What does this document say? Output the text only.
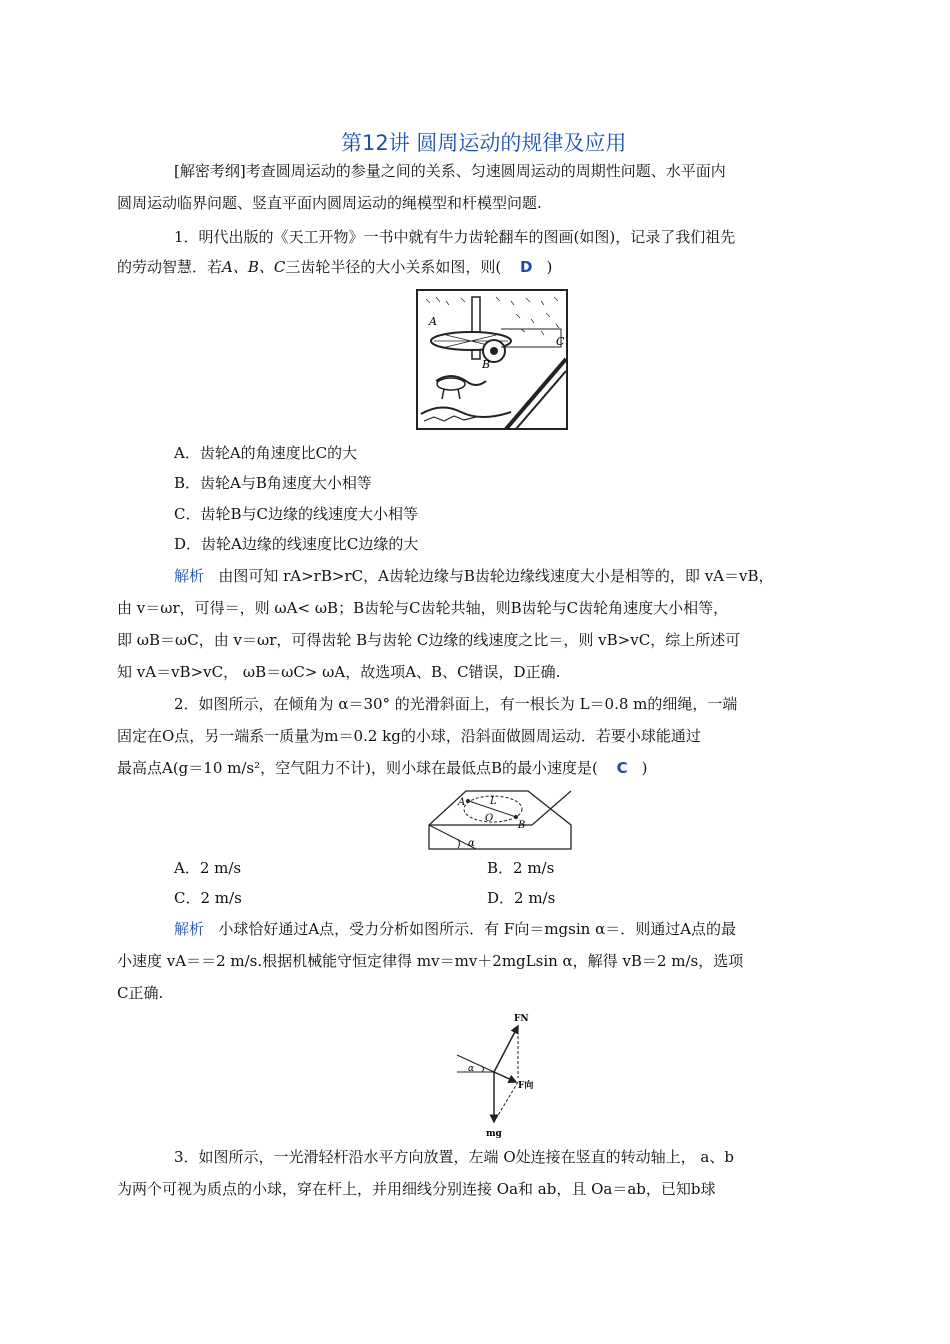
第12讲 圆周运动的规律及应用
[解密考纲]考查圆周运动的参量之间的关系、匀速圆周运动的周期性问题、水平面内
圆周运动临界问题、竖直平面内圆周运动的绳模型和杆模型问题.
1．明代出版的《天工开物》一书中就有牛力齿轮翻车的图画(如图)，记录了我们祖先
的劳动智慧．若A、B、C三齿轮半径的大小关系如图，则( D )
A
B
C
A．齿轮A的角速度比C的大
B．齿轮A与B角速度大小相等
C．齿轮B与C边缘的线速度大小相等
D．齿轮A边缘的线速度比C边缘的大
解析 由图可知 rA>rB>rC，A齿轮边缘与B齿轮边缘线速度大小是相等的，即 vA＝vB，
由 v＝ωr，可得＝，则 ωA< ωB；B齿轮与C齿轮共轴，则B齿轮与C齿轮角速度大小相等，
即 ωB＝ωC，由 v＝ωr，可得齿轮 B与齿轮 C边缘的线速度之比＝，则 vB>vC，综上所述可
知 vA＝vB>vC， ωB＝ωC> ωA，故选项A、B、C错误，D正确.
2．如图所示，在倾角为 α＝30° 的光滑斜面上，有一根长为 L＝0.8 m的细绳，一端
固定在O点，另一端系一质量为m＝0.2 kg的小球，沿斜面做圆周运动．若要小球能通过
最高点A(g＝10 m/s²，空气阻力不计)，则小球在最低点B的最小速度是( C )
A L
O
B
α
A．2 m/s	B．2 m/s
C．2 m/s	D．2 m/s
解析 小球恰好通过A点，受力分析如图所示．有 F向＝mgsin α＝．则通过A点的最
小速度 vA＝＝2 m/s.根据机械能守恒定律得 mv＝mv＋2mgLsin α，解得 vB＝2 m/s，选项
C正确.
FN
F向
mg
α
3．如图所示，一光滑轻杆沿水平方向放置，左端 O处连接在竖直的转动轴上， a、b
为两个可视为质点的小球，穿在杆上，并用细线分别连接 Oa和 ab，且 Oa＝ab，已知b球
